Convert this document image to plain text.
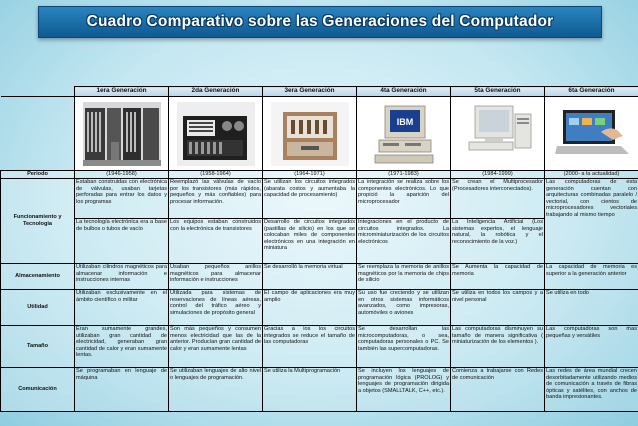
Cuadro Comparativo sobre las Generaciones del Computador
	1era Generación	2da Generación	3era Generación	4ta Generación	5ta Generación	6ta Generación

IBM

Periodo	(1946-1958)	(1958-1964)	(1964-1971)	(1971-1983)	(1984-1999)	(2000- a la actualidad)
Funcionamiento y Tecnologia	Estaban construidas con electrónica de válvulas, usaban tarjetas perforadas para entrar los datos y los programas	Reemplazó las válvulas de vacío por los transistores (más rápidos, pequeños y más confiables) para procesar información.	Se utilizan los circuitos integrados (abarata costos y aumentaba la capacidad de procesamiento)	La integración se realiza sobre los componentes electrónicos. Lo que propició la aparición del microprocesador	Se crean el Multiprocesador (Procesadores interconectados).	Las computadoras de esta generación cuentan con arquitecturas combinadas paralelo / vectorial, con cientos de microprocesadores vectoriales trabajando al mismo tiempo
	La tecnología electrónica era a base de bulbos o tubos de vacío	Los equipos estaban construidos con la electrónica de transistores	Desarrollo de circuitos integrados (pastillas de silicio) en los que se colocaban miles de componentes electrónicos en una integración en miniatura	Integraciones en el producto de circuitos integrados. La microminiaturización de los circuitos electrónicos	La Inteligencia Artificial (Los sistemas expertos, el lenguaje natural, la robótica y el reconocimiento de la voz.)	
Almacenamiento	Utilizaban cilindros magnéticos para almacenar información e instrucciones internas	Usaban pequeños anillos magnéticos para almacenar información e instrucciones	Se desarrolló la memoria virtual	Se reemplaza la memoria de anillos magnéticos por la memoria de chips de silicio	Se Aumenta la capacidad de memoria	La capacidad de memoria es superior a la generación anterior
Utilidad	Utilizaban exclusivamente en el ámbito científico o militar	Utilizada para sistemas de reservaciones de líneas aéreas, control del tráfico aéreo y simulaciones de propósito general	El campo de aplicaciones era muy amplio	Su uso fue creciendo y se utilizan en otros sistemas informáticos avanzados, como impresoras, automóviles o aviones	Se utiliza en todos los campos y a nivel personal	Se utiliza en todo
Tamaño	Eran sumamente grandes, utilizaban gran cantidad de electricidad, generaban gran cantidad de calor y eran sumamente lentas.	Son más pequeños y consumen menos electricidad que las de la anterior. Producían gran cantidad de calor y eran sumamente lentas	Gracias a los los circuitos integrados se reduce el tamaño de las computadoras	Se desarrollan las microcomputadoras, o sea, computadoras personales o PC. Se también las supercomputadoras.	Las computadoras disminuyen su tamaño de manera significativa ( miniaturización de los elementos ).	Las computadoras son mas pequeñas y versátiles
Comunicación	Se programaban en lenguaje de máquina	Se utilizaban lenguajes de alto nivel o lenguajes de programación.	Se utiliza la Multiprogramación	Se incluyen los lenguajes de programación lógica (PROLOG) y lenguajes de programación dirigida a objetos (SMALLTALK, C++, etc.).	Comienza a trabajarse con Redes de comunicación	Las redes de área mundial crecen desorbitadamente utilizando medios de comunicación a través de fibras ópticas y satélites, con anchos de banda impresionantes.
